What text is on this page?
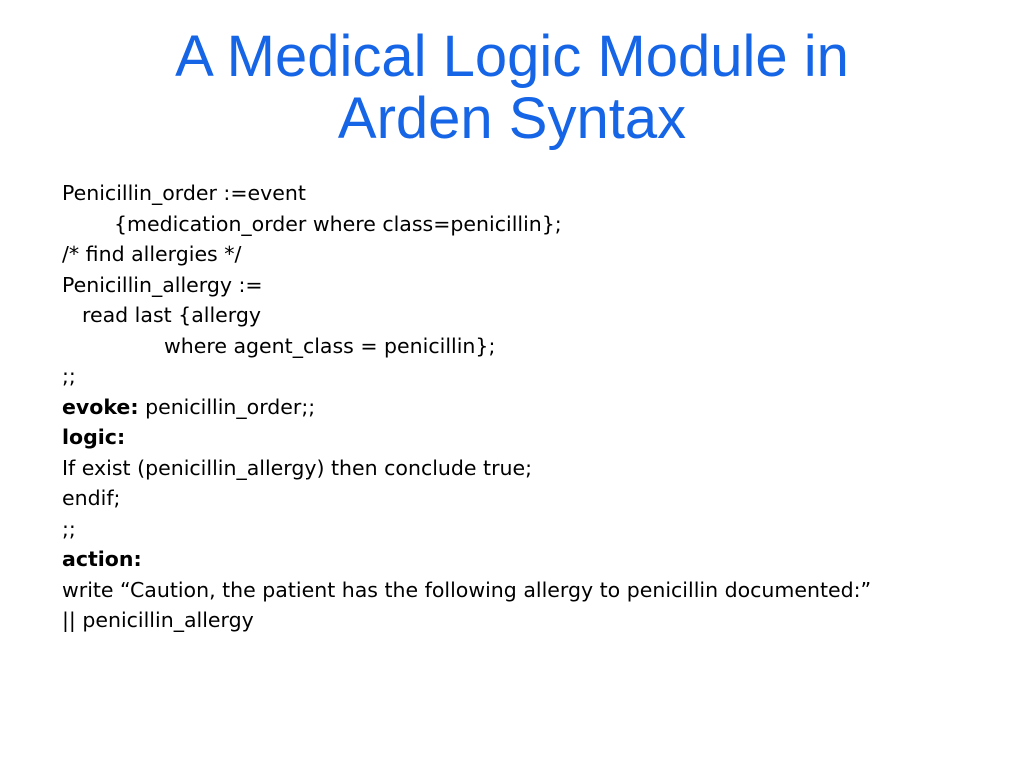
A Medical Logic Module in
Arden Syntax
Penicillin_order :=event
{medication_order where class=penicillin};
/* find allergies */
Penicillin_allergy :=
read last {allergy
where agent_class = penicillin};
;;
evoke: penicillin_order;;
logic:
If exist (penicillin_allergy) then conclude true;
endif;
;;
action:
write “Caution, the patient has the following allergy to penicillin documented:”
|| penicillin_allergy
